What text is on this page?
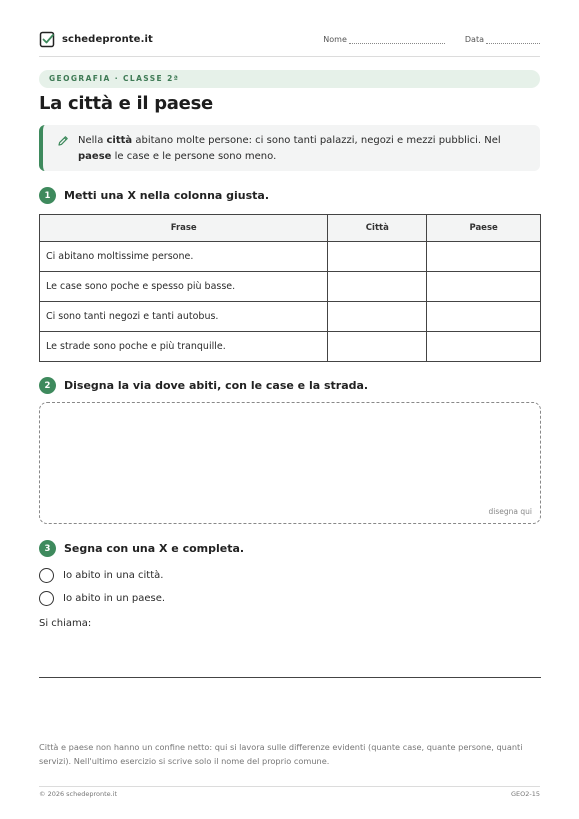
schedepronte.it	Nome	Data
GEOGRAFIA · CLASSE 2ª
La città e il paese
Nella città abitano molte persone: ci sono tanti palazzi, negozi e mezzi pubblici. Nel paese le case e le persone sono meno.
1	Metti una X nella colonna giusta.
Frase	Città	Paese
Ci abitano moltissime persone.		
Le case sono poche e spesso più basse.		
Ci sono tanti negozi e tanti autobus.		
Le strade sono poche e più tranquille.		
2	Disegna la via dove abiti, con le case e la strada.
disegna qui
3	Segna con una X e completa.
Io abito in una città.
Io abito in un paese.
Si chiama:
Città e paese non hanno un confine netto: qui si lavora sulle differenze evidenti (quante case, quante persone, quanti servizi). Nell'ultimo esercizio si scrive solo il nome del proprio comune.
© 2026 schedepronte.it	GEO2-15
